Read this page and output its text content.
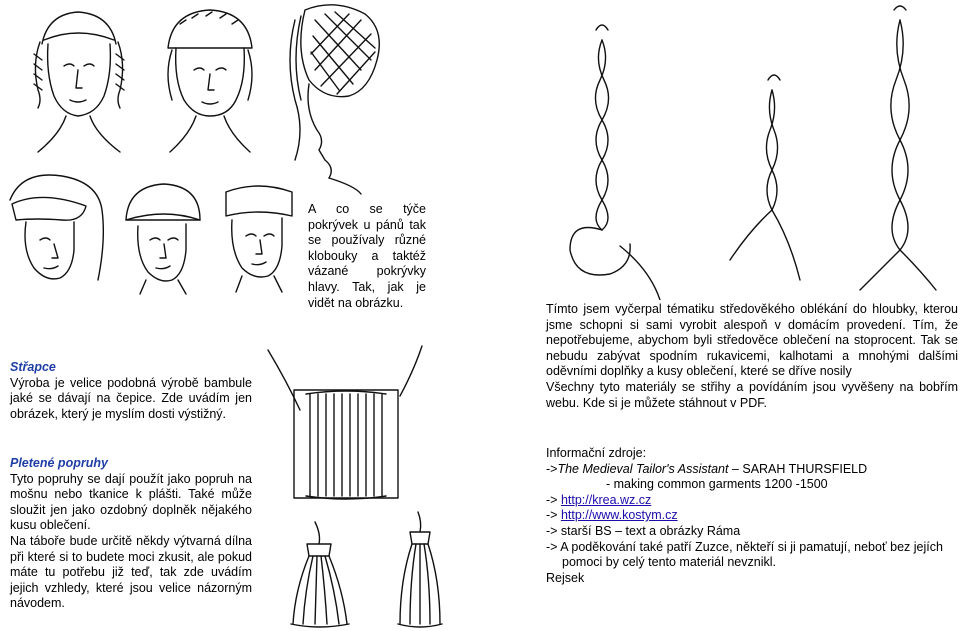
A co se týče pokrývek u pánů tak se používaly různé klobouky a taktéž vázané pokrývky hlavy. Tak, jak je vidět na obrázku.
Střapce
Výroba je velice podobná výrobě bambule jaké se dávají na čepice. Zde uvádím jen obrázek, který je myslím dosti výstižný.
Pletené popruhy
Tyto popruhy se dají použít jako popruh na mošnu nebo tkanice k plášti. Také může sloužit jen jako ozdobný doplněk nějakého kusu oblečení.
Na táboře bude určitě někdy výtvarná dílna při které si to budete moci zkusit, ale pokud máte tu potřebu již teď, tak zde uvádím jejich vzhledy, které jsou velice názorným návodem.
Tímto jsem vyčerpal tématiku středověkého oblékání do hloubky, kterou jsme schopni si sami vyrobit alespoň v domácím provedení. Tím, že nepotřebujeme, abychom byli středověce oblečení na stoprocent. Tak se nebudu zabývat spodním rukavicemi, kalhotami a mnohými dalšími oděvními doplňky a kusy oblečení, které se dříve nosily
Všechny tyto materiály se střihy a povídáním jsou vyvěšeny na bobřím webu. Kde si je můžete stáhnout v PDF.
Informační zdroje:
->The Medieval Tailor's Assistant – SARAH THURSFIELD
- making common garments 1200 -1500
-> http://krea.wz.cz
-> http://www.kostym.cz
-> starší BS – text a obrázky Ráma
-> A poděkování také patří Zuzce, někteří si ji pamatují, neboť bez jejích
pomoci by celý tento materiál nevznikl.
Rejsek
